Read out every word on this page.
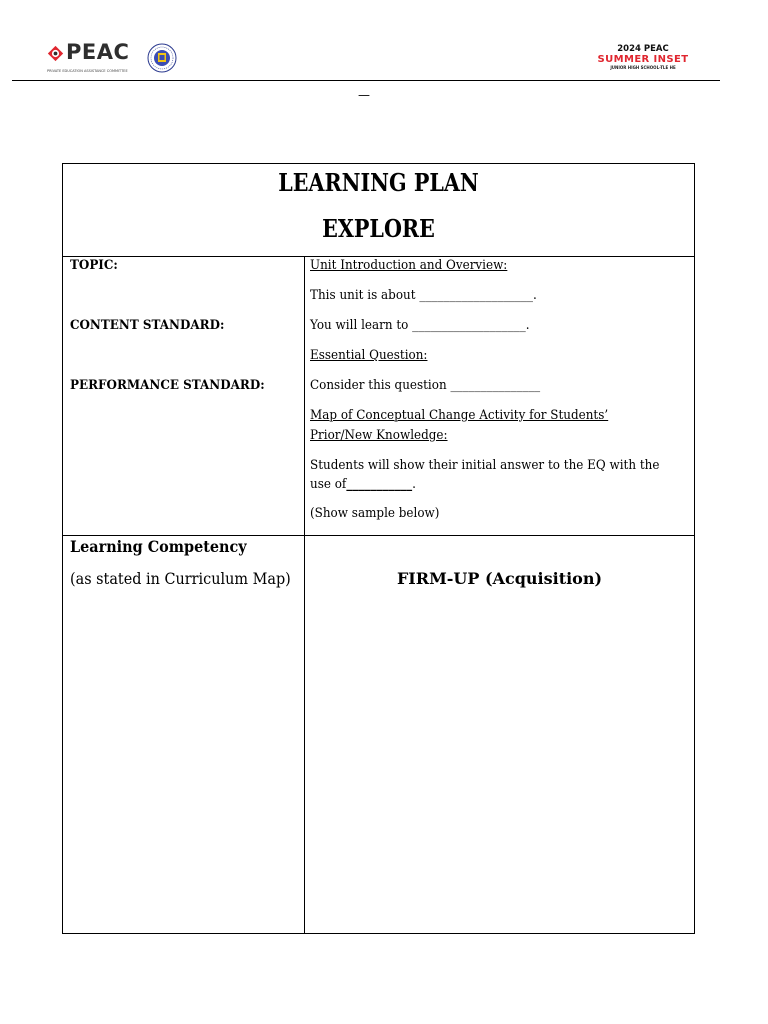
PEAC
PRIVATE EDUCATION ASSISTANCE COMMITTEE
2024 PEAC
SUMMER INSET
JUNIOR HIGH SCHOOL-TLE HE
—
LEARNING PLAN
EXPLORE
TOPIC:
CONTENT STANDARD:
PERFORMANCE STANDARD:
Unit Introduction and Overview:
This unit is about ___________________.
You will learn to ___________________.
Essential Question:
Consider this question _______________
Map of Conceptual Change Activity for Students’
Prior/New Knowledge:
Students will show their initial answer to the EQ with the
use of___________.
(Show sample below)
Learning Competency
(as stated in Curriculum Map)	FIRM-UP (Acquisition)
